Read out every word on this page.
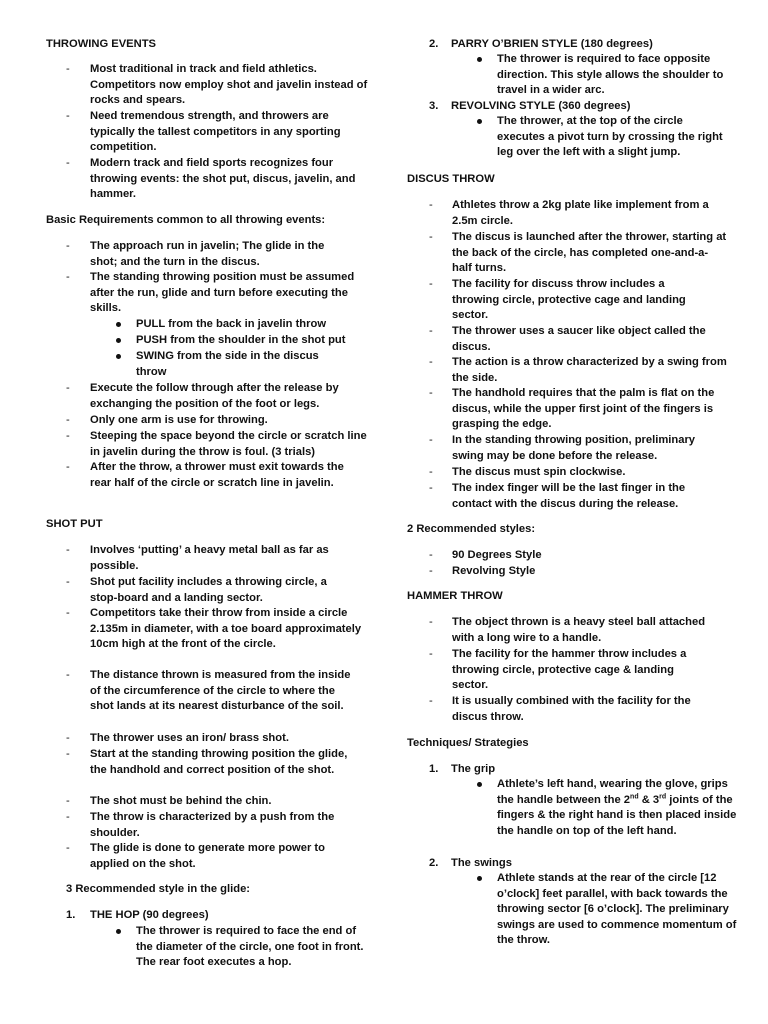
THROWING EVENTS
-	Most traditional in track and field athletics. Competitors now employ shot and javelin instead of rocks and spears.
-	Need tremendous strength, and throwers are typically the tallest competitors in any sporting competition.
-	Modern track and field sports recognizes four throwing events: the shot put, discus, javelin, and hammer.
Basic Requirements common to all throwing events:
-	The approach run in javelin; The glide in the shot; and the turn in the discus.
-	The standing throwing position must be assumed after the run, glide and turn before executing the skills.
PULL from the back in javelin throw
PUSH from the shoulder in the shot put
SWING from the side in the discus throw
-	Execute the follow through after the release by exchanging the position of the foot or legs.
-	Only one arm is use for throwing.
-	Steeping the space beyond the circle or scratch line in javelin during the throw is foul. (3 trials)
-	After the throw, a thrower must exit towards the rear half of the circle or scratch line in javelin.
SHOT PUT
-	Involves ‘putting’ a heavy metal ball as far as possible.
-	Shot put facility includes a throwing circle, a stop-board and a landing sector.
-	Competitors take their throw from inside a circle 2.135m in diameter, with a toe board approximately 10cm high at the front of the circle.
-	The distance thrown is measured from the inside of the circumference of the circle to where the shot lands at its nearest disturbance of the soil.
-	The thrower uses an iron/ brass shot.
-	Start at the standing throwing position the glide, the handhold and correct position of the shot.
-	The shot must be behind the chin.
-	The throw is characterized by a push from the shoulder.
-	The glide is done to generate more power to applied on the shot.
3 Recommended style in the glide:
1. THE HOP (90 degrees)
The thrower is required to face the end of the diameter of the circle, one foot in front. The rear foot executes a hop.
2. PARRY O’BRIEN STYLE (180 degrees)
The thrower is required to face opposite direction. This style allows the shoulder to travel in a wider arc.
3. REVOLVING STYLE (360 degrees)
The thrower, at the top of the circle executes a pivot turn by crossing the right leg over the left with a slight jump.
DISCUS THROW
-	Athletes throw a 2kg plate like implement from a 2.5m circle.
-	The discus is launched after the thrower, starting at the back of the circle, has completed one-and-a-half turns.
-	The facility for discuss throw includes a throwing circle, protective cage and landing sector.
-	The thrower uses a saucer like object called the discus.
-	The action is a throw characterized by a swing from the side.
-	The handhold requires that the palm is flat on the discus, while the upper first joint of the fingers is grasping the edge.
-	In the standing throwing position, preliminary swing may be done before the release.
-	The discus must spin clockwise.
-	The index finger will be the last finger in the contact with the discus during the release.
2 Recommended styles:
-	90 Degrees Style
-	Revolving Style
HAMMER THROW
-	The object thrown is a heavy steel ball attached with a long wire to a handle.
-	The facility for the hammer throw includes a throwing circle, protective cage & landing sector.
-	It is usually combined with the facility for the discus throw.
Techniques/ Strategies
1. The grip
Athlete’s left hand, wearing the glove, grips the handle between the 2nd & 3rd joints of the fingers & the right hand is then placed inside the handle on top of the left hand.
2. The swings
Athlete stands at the rear of the circle [12 o’clock] feet parallel, with back towards the throwing sector [6 o’clock]. The preliminary swings are used to commence momentum of the throw.
